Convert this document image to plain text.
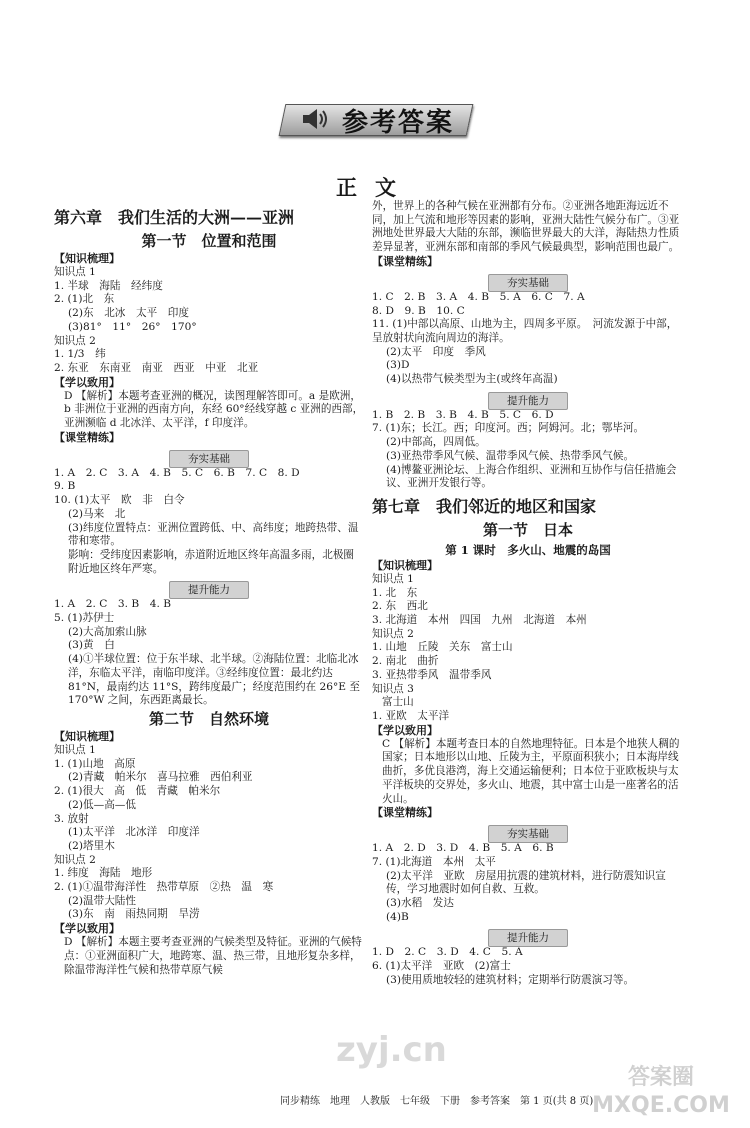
参考答案
正文
第六章　我们生活的大洲——亚洲
第一节　位置和范围
【知识梳理】
知识点 1
1. 半球　海陆　经纬度
2. (1)北　东
(2)东　北冰　太平　印度
(3)81°　11°　26°　170°
知识点 2
1. 1/3　纬
2. 东亚　东南亚　南亚　西亚　中亚　北亚
【学以致用】
D 【解析】本题考查亚洲的概况，读图理解答即可。a 是欧洲，b 非洲位于亚洲的西南方向，东经 60°经线穿越 c 亚洲的西部，亚洲濒临 d 北冰洋、太平洋，f 印度洋。
【课堂精练】
夯实基础
1. A　2. C　3. A　4. B　5. C　6. B　7. C　8. D
9. B
10. (1)太平　欧　非　白令
(2)马来　北
(3)纬度位置特点：亚洲位置跨低、中、高纬度；地跨热带、温带和寒带。
影响：受纬度因素影响，赤道附近地区终年高温多雨，北极圈附近地区终年严寒。
提升能力
1. A　2. C　3. B　4. B
5. (1)苏伊士
(2)大高加索山脉
(3)黄　白
(4)①半球位置：位于东半球、北半球。②海陆位置：北临北冰洋，东临太平洋，南临印度洋。③经纬度位置：最北约达 81°N，最南约达 11°S，跨纬度最广；经度范围约在 26°E 至 170°W 之间，东西距离最长。
第二节　自然环境
【知识梳理】
知识点 1
1. (1)山地　高原
(2)青藏　帕米尔　喜马拉雅　西伯利亚
2. (1)很大　高　低　青藏　帕米尔
(2)低—高—低
3. 放射
(1)太平洋　北冰洋　印度洋
(2)塔里木
知识点 2
1. 纬度　海陆　地形
2. (1)①温带海洋性　热带草原　②热　温　寒
(2)温带大陆性
(3)东　南　雨热同期　旱涝
【学以致用】
D 【解析】本题主要考查亚洲的气候类型及特征。亚洲的气候特点：①亚洲面积广大，地跨寒、温、热三带，且地形复杂多样，除温带海洋性气候和热带草原气候
外，世界上的各种气候在亚洲都有分布。②亚洲各地距海远近不同，加上气流和地形等因素的影响，亚洲大陆性气候分布广。③亚洲地处世界最大大陆的东部，濒临世界最大的大洋，海陆热力性质差异显著，亚洲东部和南部的季风气候最典型，影响范围也最广。
【课堂精练】
夯实基础
1. C　2. B　3. A　4. B　5. A　6. C　7. A
8. D　9. B　10. C
11. (1)中部以高原、山地为主，四周多平原。　河流发源于中部，呈放射状向流向周边的海洋。
(2)太平　印度　季风
(3)D
(4)以热带气候类型为主(或终年高温)
提升能力
1. B　2. B　3. B　4. B　5. C　6. D
7. (1)东；长江。西；印度河。西；阿姆河。北；鄂毕河。
(2)中部高，四周低。
(3)亚热带季风气候、温带季风气候、热带季风气候。
(4)博鳌亚洲论坛、上海合作组织、亚洲和互协作与信任措施会议、亚洲开发银行等。
第七章　我们邻近的地区和国家
第一节　日本
第 1 课时　多火山、地震的岛国
【知识梳理】
知识点 1
1. 北　东
2. 东　西北
3. 北海道　本州　四国　九州　北海道　本州
知识点 2
1. 山地　丘陵　关东　富士山
2. 南北　曲折
3. 亚热带季风　温带季风
知识点 3
富士山
1. 亚欧　太平洋
【学以致用】
C 【解析】本题考查日本的自然地理特征。日本是个地狭人稠的国家；日本地形以山地、丘陵为主，平原面积狭小；日本海岸线曲折，多优良港湾，海上交通运输便利；日本位于亚欧板块与太平洋板块的交界处，多火山、地震，其中富士山是一座著名的活火山。
【课堂精练】
夯实基础
1. A　2. D　3. D　4. B　5. A　6. B
7. (1)北海道　本州　太平
(2)太平洋　亚欧　房屋用抗震的建筑材料，进行防震知识宣传，学习地震时如何自救、互救。
(3)水稻　发达
(4)B
提升能力
1. D　2. C　3. D　4. C　5. A
6. (1)太平洋　亚欧　(2)富士
(3)使用质地较轻的建筑材料；定期举行防震演习等。
同步精练　地理　人教版　七年级　下册　参考答案　第 1 页(共 8 页)
zyj.cn
答案圈
MXQE.COM
